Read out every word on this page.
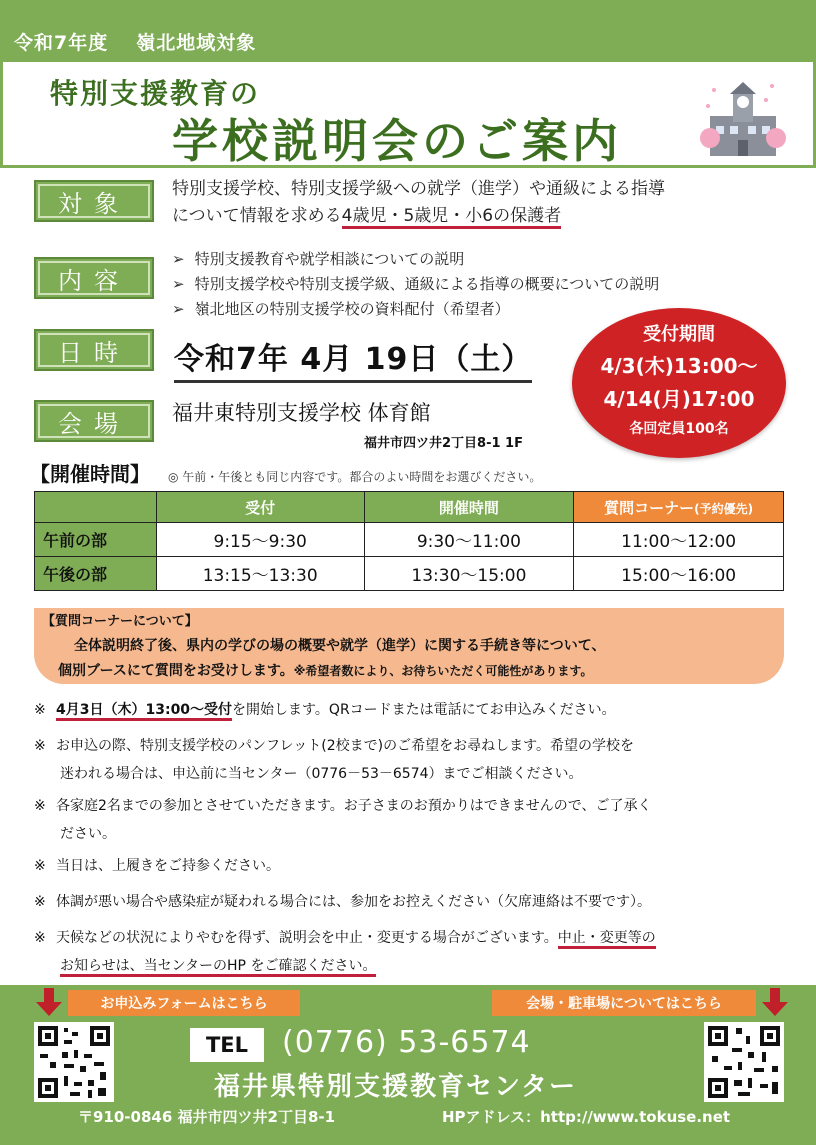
令和7年度 嶺北地域対象
特別支援教育の
学校説明会のご案内
対象
特別支援学校、特別支援学級への就学（進学）や通級による指導
について情報を求める4歳児・5歳児・小6の保護者
内容
➢ 特別支援教育や就学相談についての説明
➢ 特別支援学校や特別支援学級、通級による指導の概要についての説明
➢ 嶺北地区の特別支援学校の資料配付（希望者）
日時	令和7年 4月 19日（土）
会場	福井東特別支援学校 体育館
福井市四ツ井2丁目8-1 1F
受付期間
4/3(木)13:00～
4/14(月)17:00
各回定員100名
【開催時間】 ◎ 午前・午後とも同じ内容です。都合のよい時間をお選びください。
	受付	開催時間	質問コーナー(予約優先)
午前の部	9:15～9:30	9:30～11:00	11:00～12:00
午後の部	13:15～13:30	13:30～15:00	15:00～16:00
【質問コーナーについて】
全体説明終了後、県内の学びの場の概要や就学（進学）に関する手続き等について、
個別ブースにて質問をお受けします。※希望者数により、お待ちいただく可能性があります。
※ 4月3日（木）13:00～受付を開始します。QRコードまたは電話にてお申込みください。
※ お申込の際、特別支援学校のパンフレット(2校まで)のご希望をお尋ねします。希望の学校を
迷われる場合は、申込前に当センター（0776－53－6574）までご相談ください。
※ 各家庭2名までの参加とさせていただきます。お子さまのお預かりはできませんので、ご了承く
ださい。
※ 当日は、上履きをご持参ください。
※ 体調が悪い場合や感染症が疑われる場合には、参加をお控えください（欠席連絡は不要です）。
※ 天候などの状況によりやむを得ず、説明会を中止・変更する場合がございます。中止・変更等の
お知らせは、当センターのHP をご確認ください。
お申込みフォームはこちら	会場・駐車場についてはこちら
TEL	(0776) 53-6574
福井県特別支援教育センター
〒910-0846 福井市四ツ井2丁目8-1	HPアドレス：http://www.tokuse.net
